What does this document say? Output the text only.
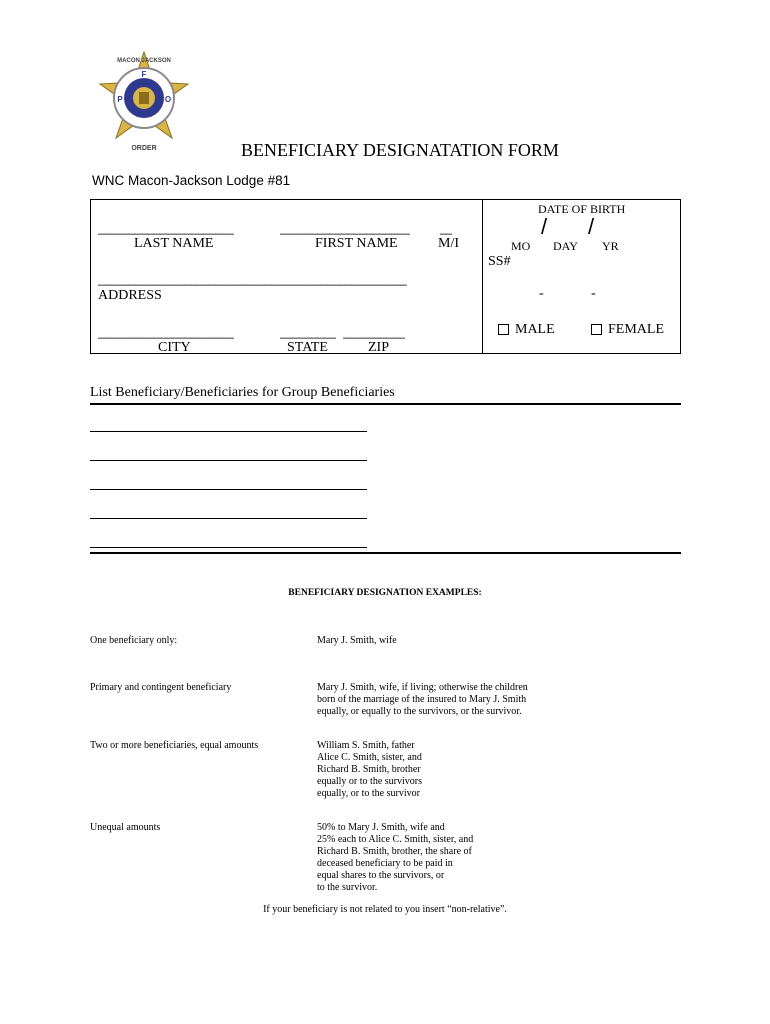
F
O
P
ORDER
MACON JACKSON
BENEFICIARY DESIGNATATION FORM
WNC Macon-Jackson Lodge #81
______________________	_____________________	__
LAST NAME	FIRST NAME	M/I
__________________________________________________
ADDRESS
______________________	_________ __________
CITY	STATE	ZIP
DATE OF BIRTH
/ /
MO DAY YR
SS#
-	-
MALE	FEMALE
List Beneficiary/Beneficiaries for Group Beneficiaries
BENEFICIARY DESIGNATION EXAMPLES:
One beneficiary only:	Mary J. Smith, wife
Primary and contingent beneficiary	Mary J. Smith, wife, if living; otherwise the children
born of the marriage of the insured to Mary J. Smith
equally, or equally to the survivors, or the survivor.
Two or more beneficiaries, equal amounts	William S. Smith, father
Alice C. Smith, sister, and
Richard B. Smith, brother
equally or to the survivors
equally, or to the survivor
Unequal amounts	50% to Mary J. Smith, wife and
25% each to Alice C. Smith, sister, and
Richard B. Smith, brother, the share of
deceased beneficiary to be paid in
equal shares to the survivors, or
to the survivor.
If your beneficiary is not related to you insert “non-relative”.
